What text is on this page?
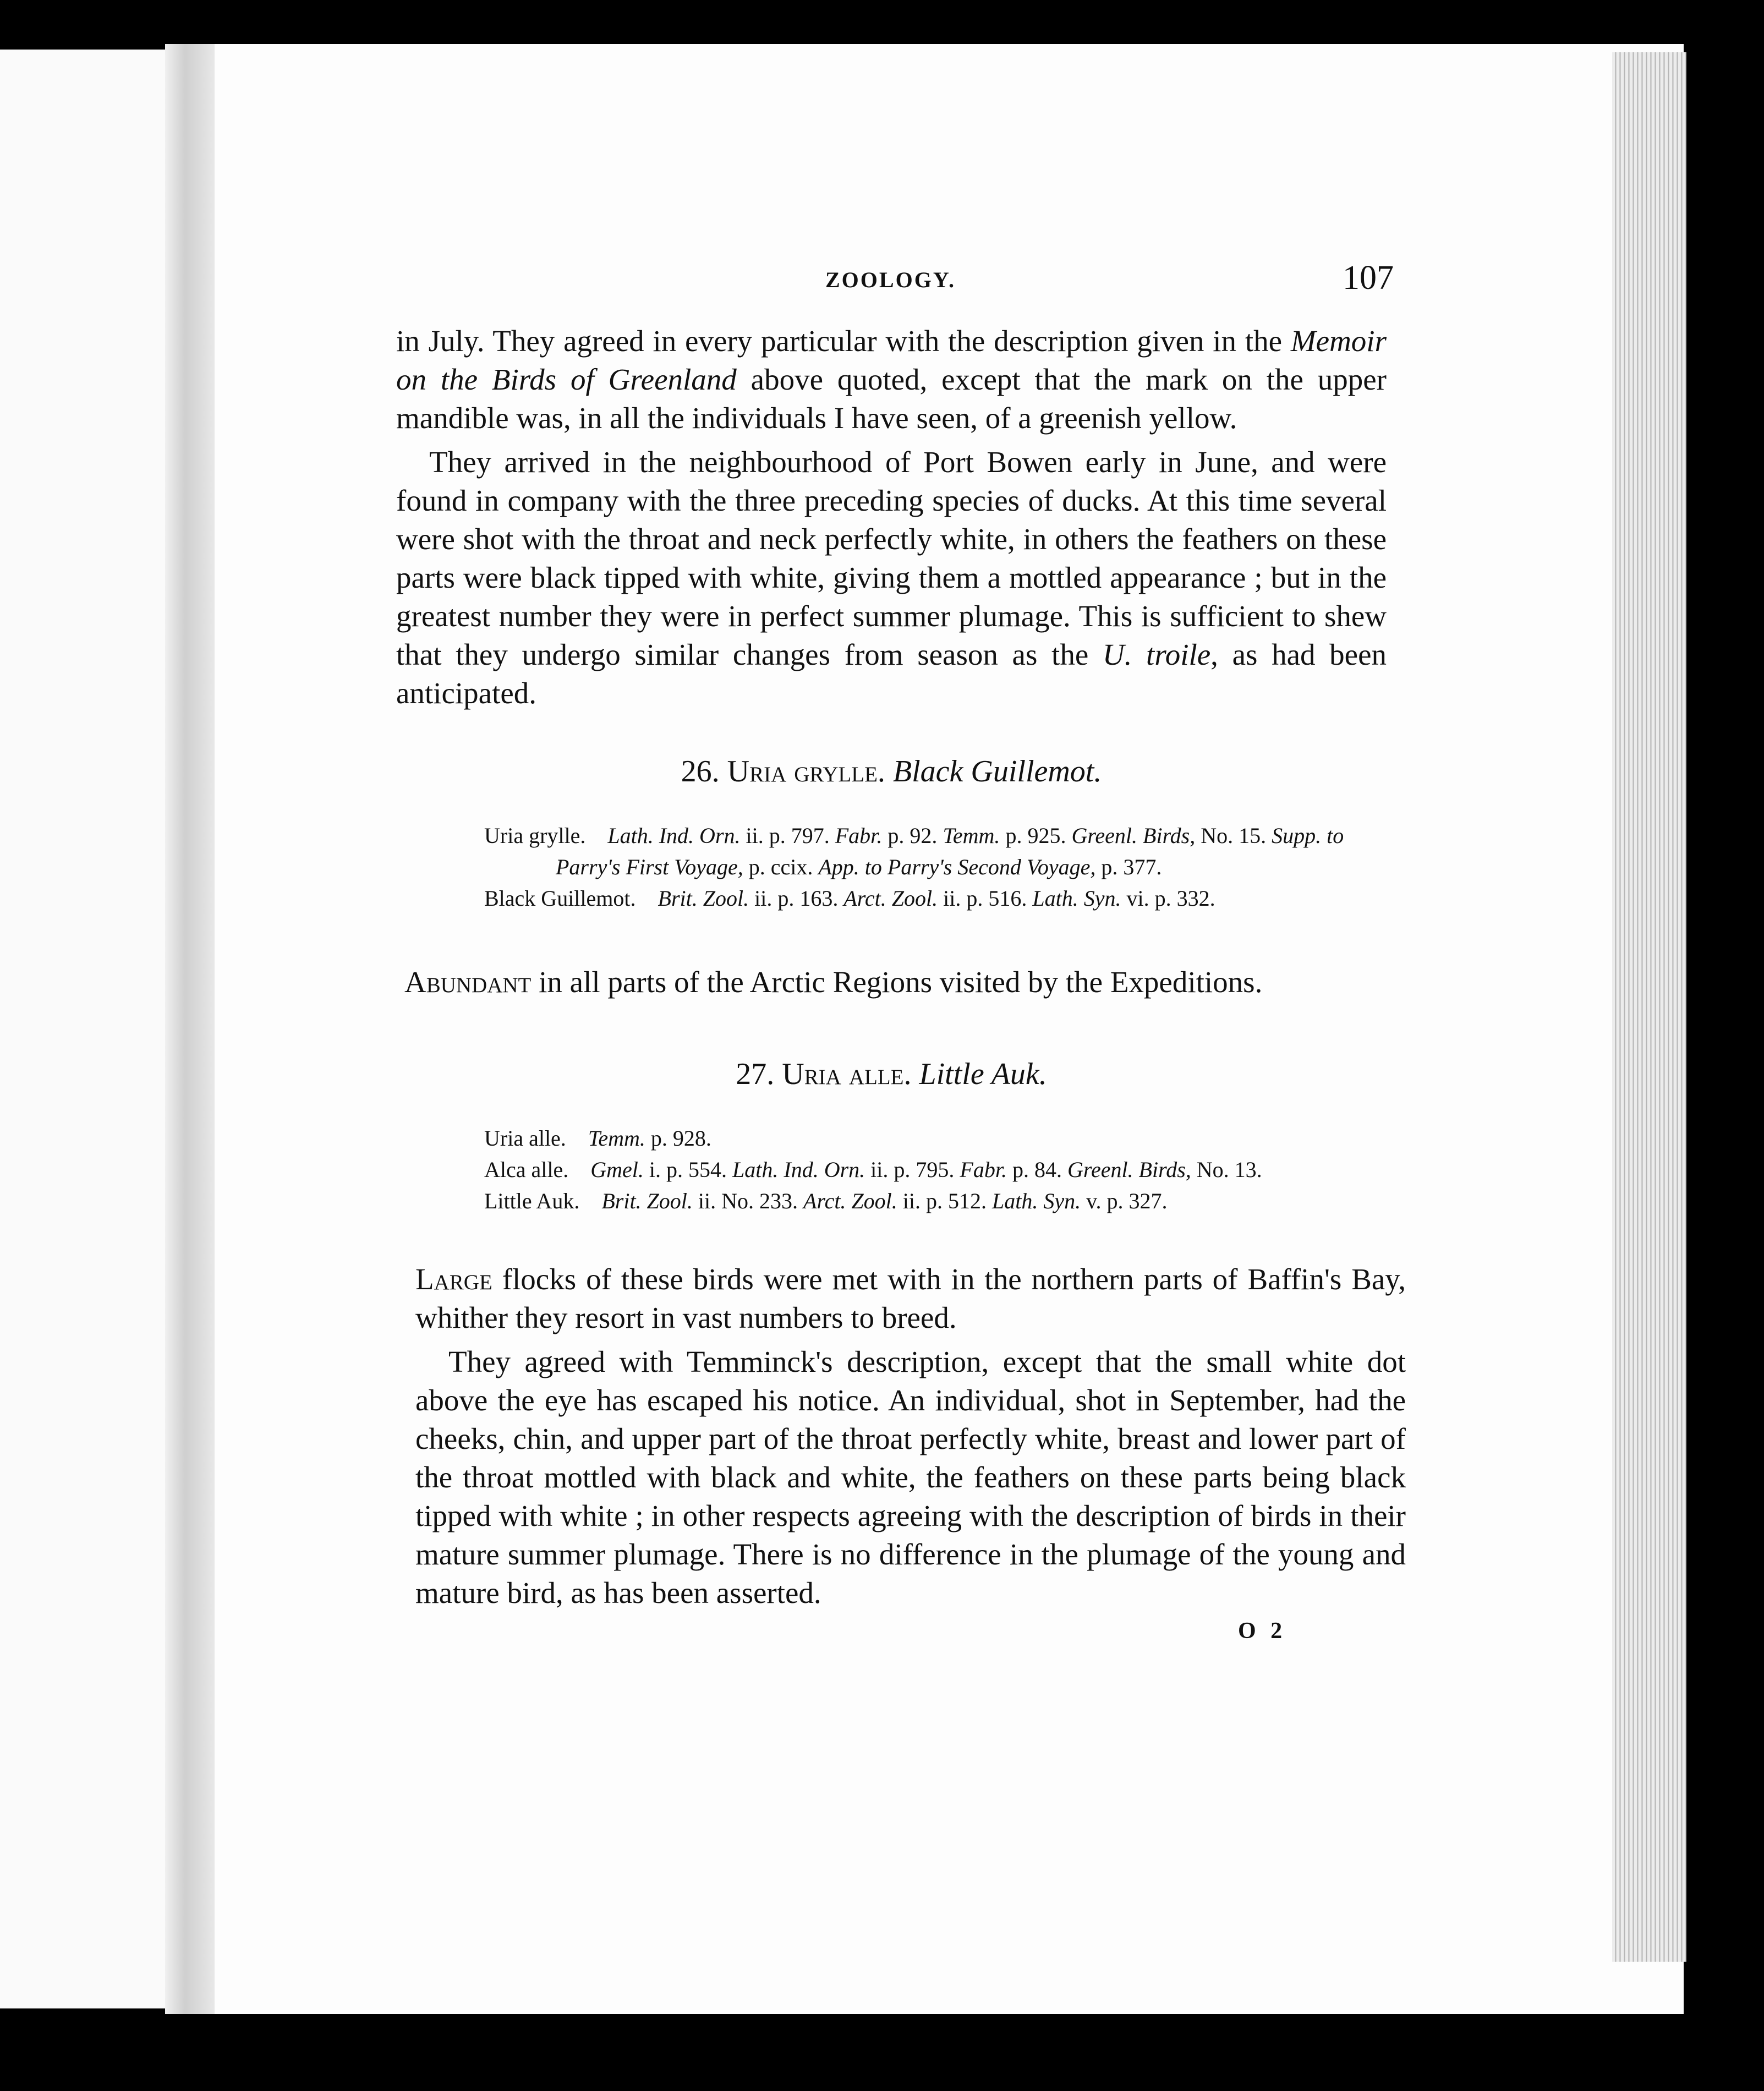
ZOOLOGY.	107

in July. They agreed in every particular with the description given in the Memoir on the Birds of Greenland above quoted, except that the mark on the upper mandible was, in all the individuals I have seen, of a greenish yellow.

They arrived in the neighbourhood of Port Bowen early in June, and were found in company with the three preceding species of ducks. At this time several were shot with the throat and neck perfectly white, in others the feathers on these parts were black tipped with white, giving them a mottled appearance ; but in the greatest number they were in perfect summer plumage. This is sufficient to shew that they undergo similar changes from season as the U. troile, as had been anticipated.

26. Uria grylle. Black Guillemot.

Uria grylle.  Lath. Ind. Orn. ii. p. 797. Fabr. p. 92. Temm. p. 925. Greenl. Birds, No. 15. Supp. to Parry's First Voyage, p. ccix. App. to Parry's Second Voyage, p. 377.

Black Guillemot.  Brit. Zool. ii. p. 163. Arct. Zool. ii. p. 516. Lath. Syn. vi. p. 332.

Abundant in all parts of the Arctic Regions visited by the Expeditions.

27. Uria alle. Little Auk.

Uria alle.  Temm. p. 928.

Alca alle.  Gmel. i. p. 554. Lath. Ind. Orn. ii. p. 795. Fabr. p. 84. Greenl. Birds, No. 13.

Little Auk.  Brit. Zool. ii. No. 233. Arct. Zool. ii. p. 512. Lath. Syn. v. p. 327.

Large flocks of these birds were met with in the northern parts of Baffin's Bay, whither they resort in vast numbers to breed.

They agreed with Temminck's description, except that the small white dot above the eye has escaped his notice. An individual, shot in September, had the cheeks, chin, and upper part of the throat perfectly white, breast and lower part of the throat mottled with black and white, the feathers on these parts being black tipped with white ; in other respects agreeing with the description of birds in their mature summer plumage. There is no difference in the plumage of the young and mature bird, as has been asserted.

O 2
